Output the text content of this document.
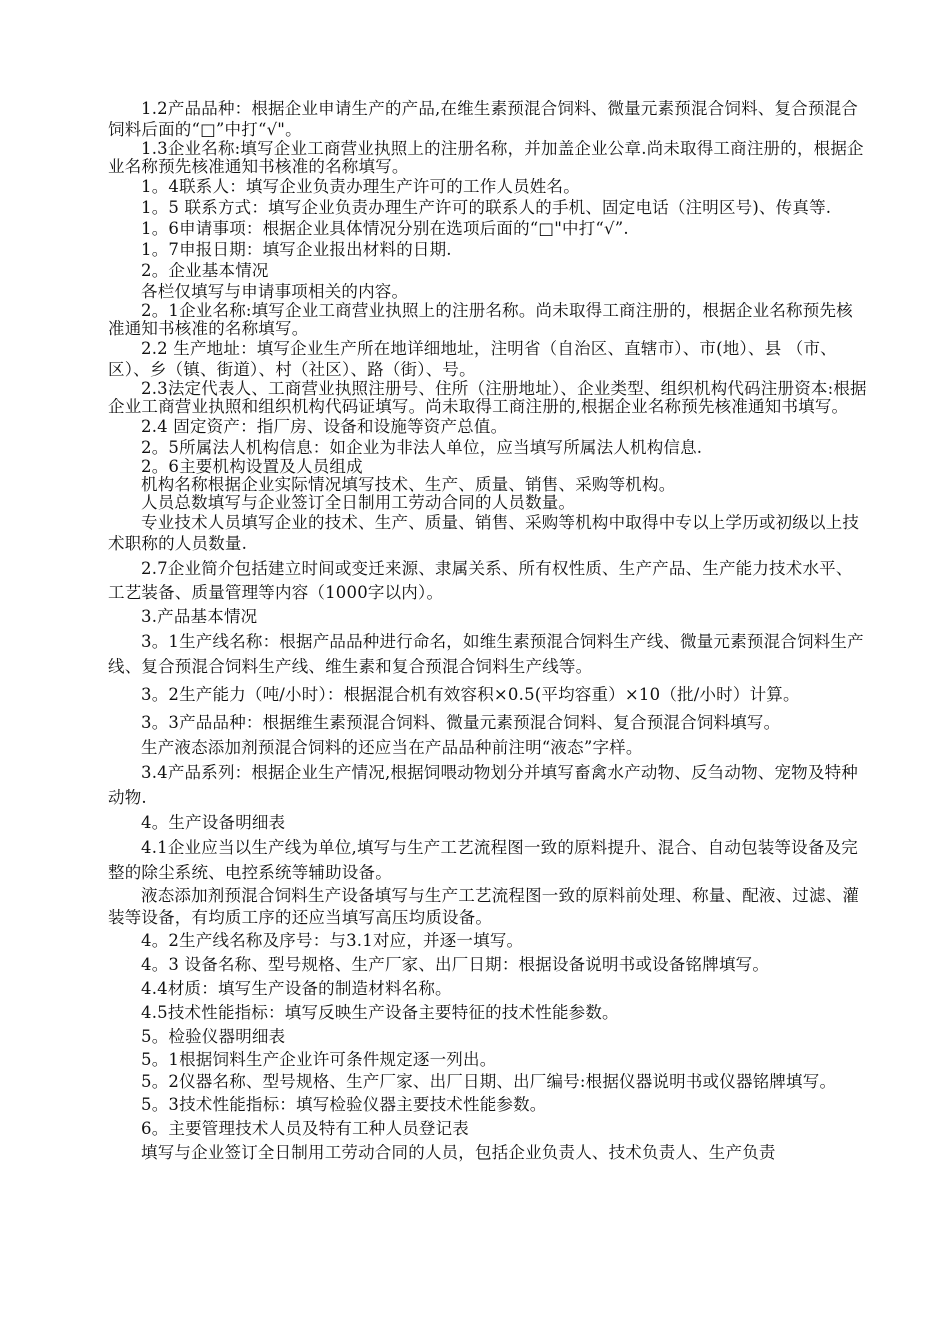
1.2产品品种：根据企业申请生产的产品,在维生素预混合饲料、微量元素预混合饲料、复合预混合饲料后面的“□”中打“√"。

1.3企业名称:填写企业工商营业执照上的注册名称，并加盖企业公章.尚未取得工商注册的，根据企业名称预先核准通知书核准的名称填写。

1。4联系人：填写企业负责办理生产许可的工作人员姓名。

1。5 联系方式：填写企业负责办理生产许可的联系人的手机、固定电话（注明区号)、传真等.

1。6申请事项：根据企业具体情况分别在选项后面的“□"中打“√”.

1。7申报日期：填写企业报出材料的日期.

2。企业基本情况

各栏仅填写与申请事项相关的内容。

2。1企业名称:填写企业工商营业执照上的注册名称。尚未取得工商注册的，根据企业名称预先核准通知书核准的名称填写。

2.2 生产地址：填写企业生产所在地详细地址，注明省（自治区、直辖市）、市(地）、县 （市、区）、乡（镇、街道）、村（社区）、路（街）、号。

2.3法定代表人、工商营业执照注册号、住所（注册地址）、企业类型、组织机构代码注册资本:根据企业工商营业执照和组织机构代码证填写。尚未取得工商注册的,根据企业名称预先核准通知书填写。

2.4 固定资产：指厂房、设备和设施等资产总值。

2。5所属法人机构信息：如企业为非法人单位，应当填写所属法人机构信息.

2。6主要机构设置及人员组成

机构名称根据企业实际情况填写技术、生产、质量、销售、采购等机构。

人员总数填写与企业签订全日制用工劳动合同的人员数量。

专业技术人员填写企业的技术、生产、质量、销售、采购等机构中取得中专以上学历或初级以上技术职称的人员数量.

2.7企业简介包括建立时间或变迁来源、隶属关系、所有权性质、生产产品、生产能力技术水平、工艺装备、质量管理等内容（1000字以内）。

3.产品基本情况

3。1生产线名称：根据产品品种进行命名，如维生素预混合饲料生产线、微量元素预混合饲料生产线、复合预混合饲料生产线、维生素和复合预混合饲料生产线等。

3。2生产能力（吨/小时）：根据混合机有效容积×0.5(平均容重）×10（批/小时）计算。

3。3产品品种：根据维生素预混合饲料、微量元素预混合饲料、复合预混合饲料填写。

生产液态添加剂预混合饲料的还应当在产品品种前注明“液态”字样。

3.4产品系列：根据企业生产情况,根据饲喂动物划分并填写畜禽水产动物、反刍动物、宠物及特种动物.

4。生产设备明细表

4.1企业应当以生产线为单位,填写与生产工艺流程图一致的原料提升、混合、自动包装等设备及完整的除尘系统、电控系统等辅助设备。

液态添加剂预混合饲料生产设备填写与生产工艺流程图一致的原料前处理、称量、配液、过滤、灌装等设备，有均质工序的还应当填写高压均质设备。

4。2生产线名称及序号：与3.1对应，并逐一填写。

4。3 设备名称、型号规格、生产厂家、出厂日期：根据设备说明书或设备铭牌填写。

4.4材质：填写生产设备的制造材料名称。

4.5技术性能指标：填写反映生产设备主要特征的技术性能参数。

5。检验仪器明细表

5。1根据饲料生产企业许可条件规定逐一列出。

5。2仪器名称、型号规格、生产厂家、出厂日期、出厂编号:根据仪器说明书或仪器铭牌填写。

5。3技术性能指标：填写检验仪器主要技术性能参数。

6。主要管理技术人员及特有工种人员登记表

填写与企业签订全日制用工劳动合同的人员，包括企业负责人、技术负责人、生产负责
